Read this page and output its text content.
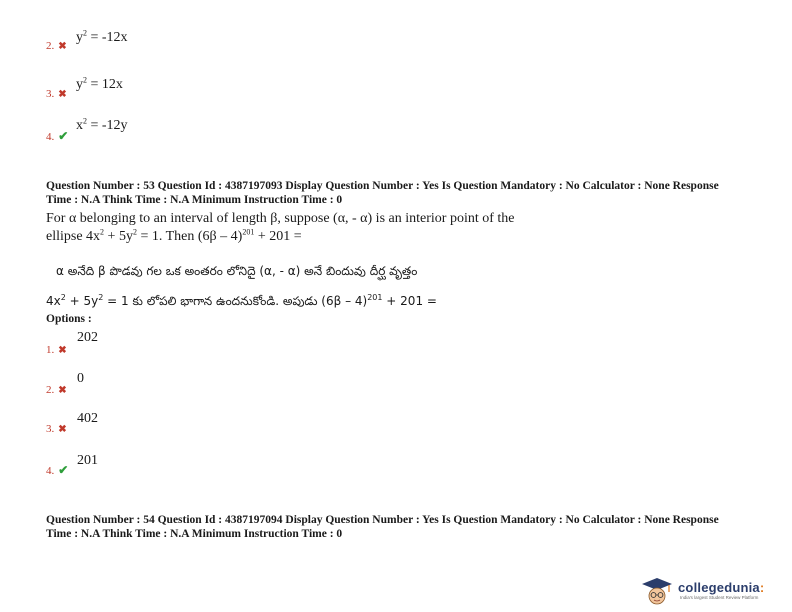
2. ✖
$y^2 = -12x$
3. ✖
$y^2 = 12x$
4. ✔
$x^2 = -12y$
Question Number : 53 Question Id : 4387197093 Display Question Number : Yes Is Question Mandatory : No Calculator : None Response
Time : N.A Think Time : N.A Minimum Instruction Time : 0
For α belonging to an interval of length β, suppose (α, - α) is an interior point of the
ellipse $4x^2 + 5y^2 = 1$. Then (6β – 4)$^{201}$ + 201 =
α అనేది β పొడవు గల ఒక అంతరం లోనిదై (α, - α) అనే బిందువు దీర్ఘ వృత్తం
$4x^2 + 5y^2 = 1$ కు లోపలి భాగాన ఉందనుకోండి. అపుడు (6β – 4)$^{201}$ + 201 =
Options :
1. ✖
202
2. ✖
0
3. ✖
402
4. ✔
201
Question Number : 54 Question Id : 4387197094 Display Question Number : Yes Is Question Mandatory : No Calculator : None Response
Time : N.A Think Time : N.A Minimum Instruction Time : 0
collegedunia:
India's largest Student Review Platform
